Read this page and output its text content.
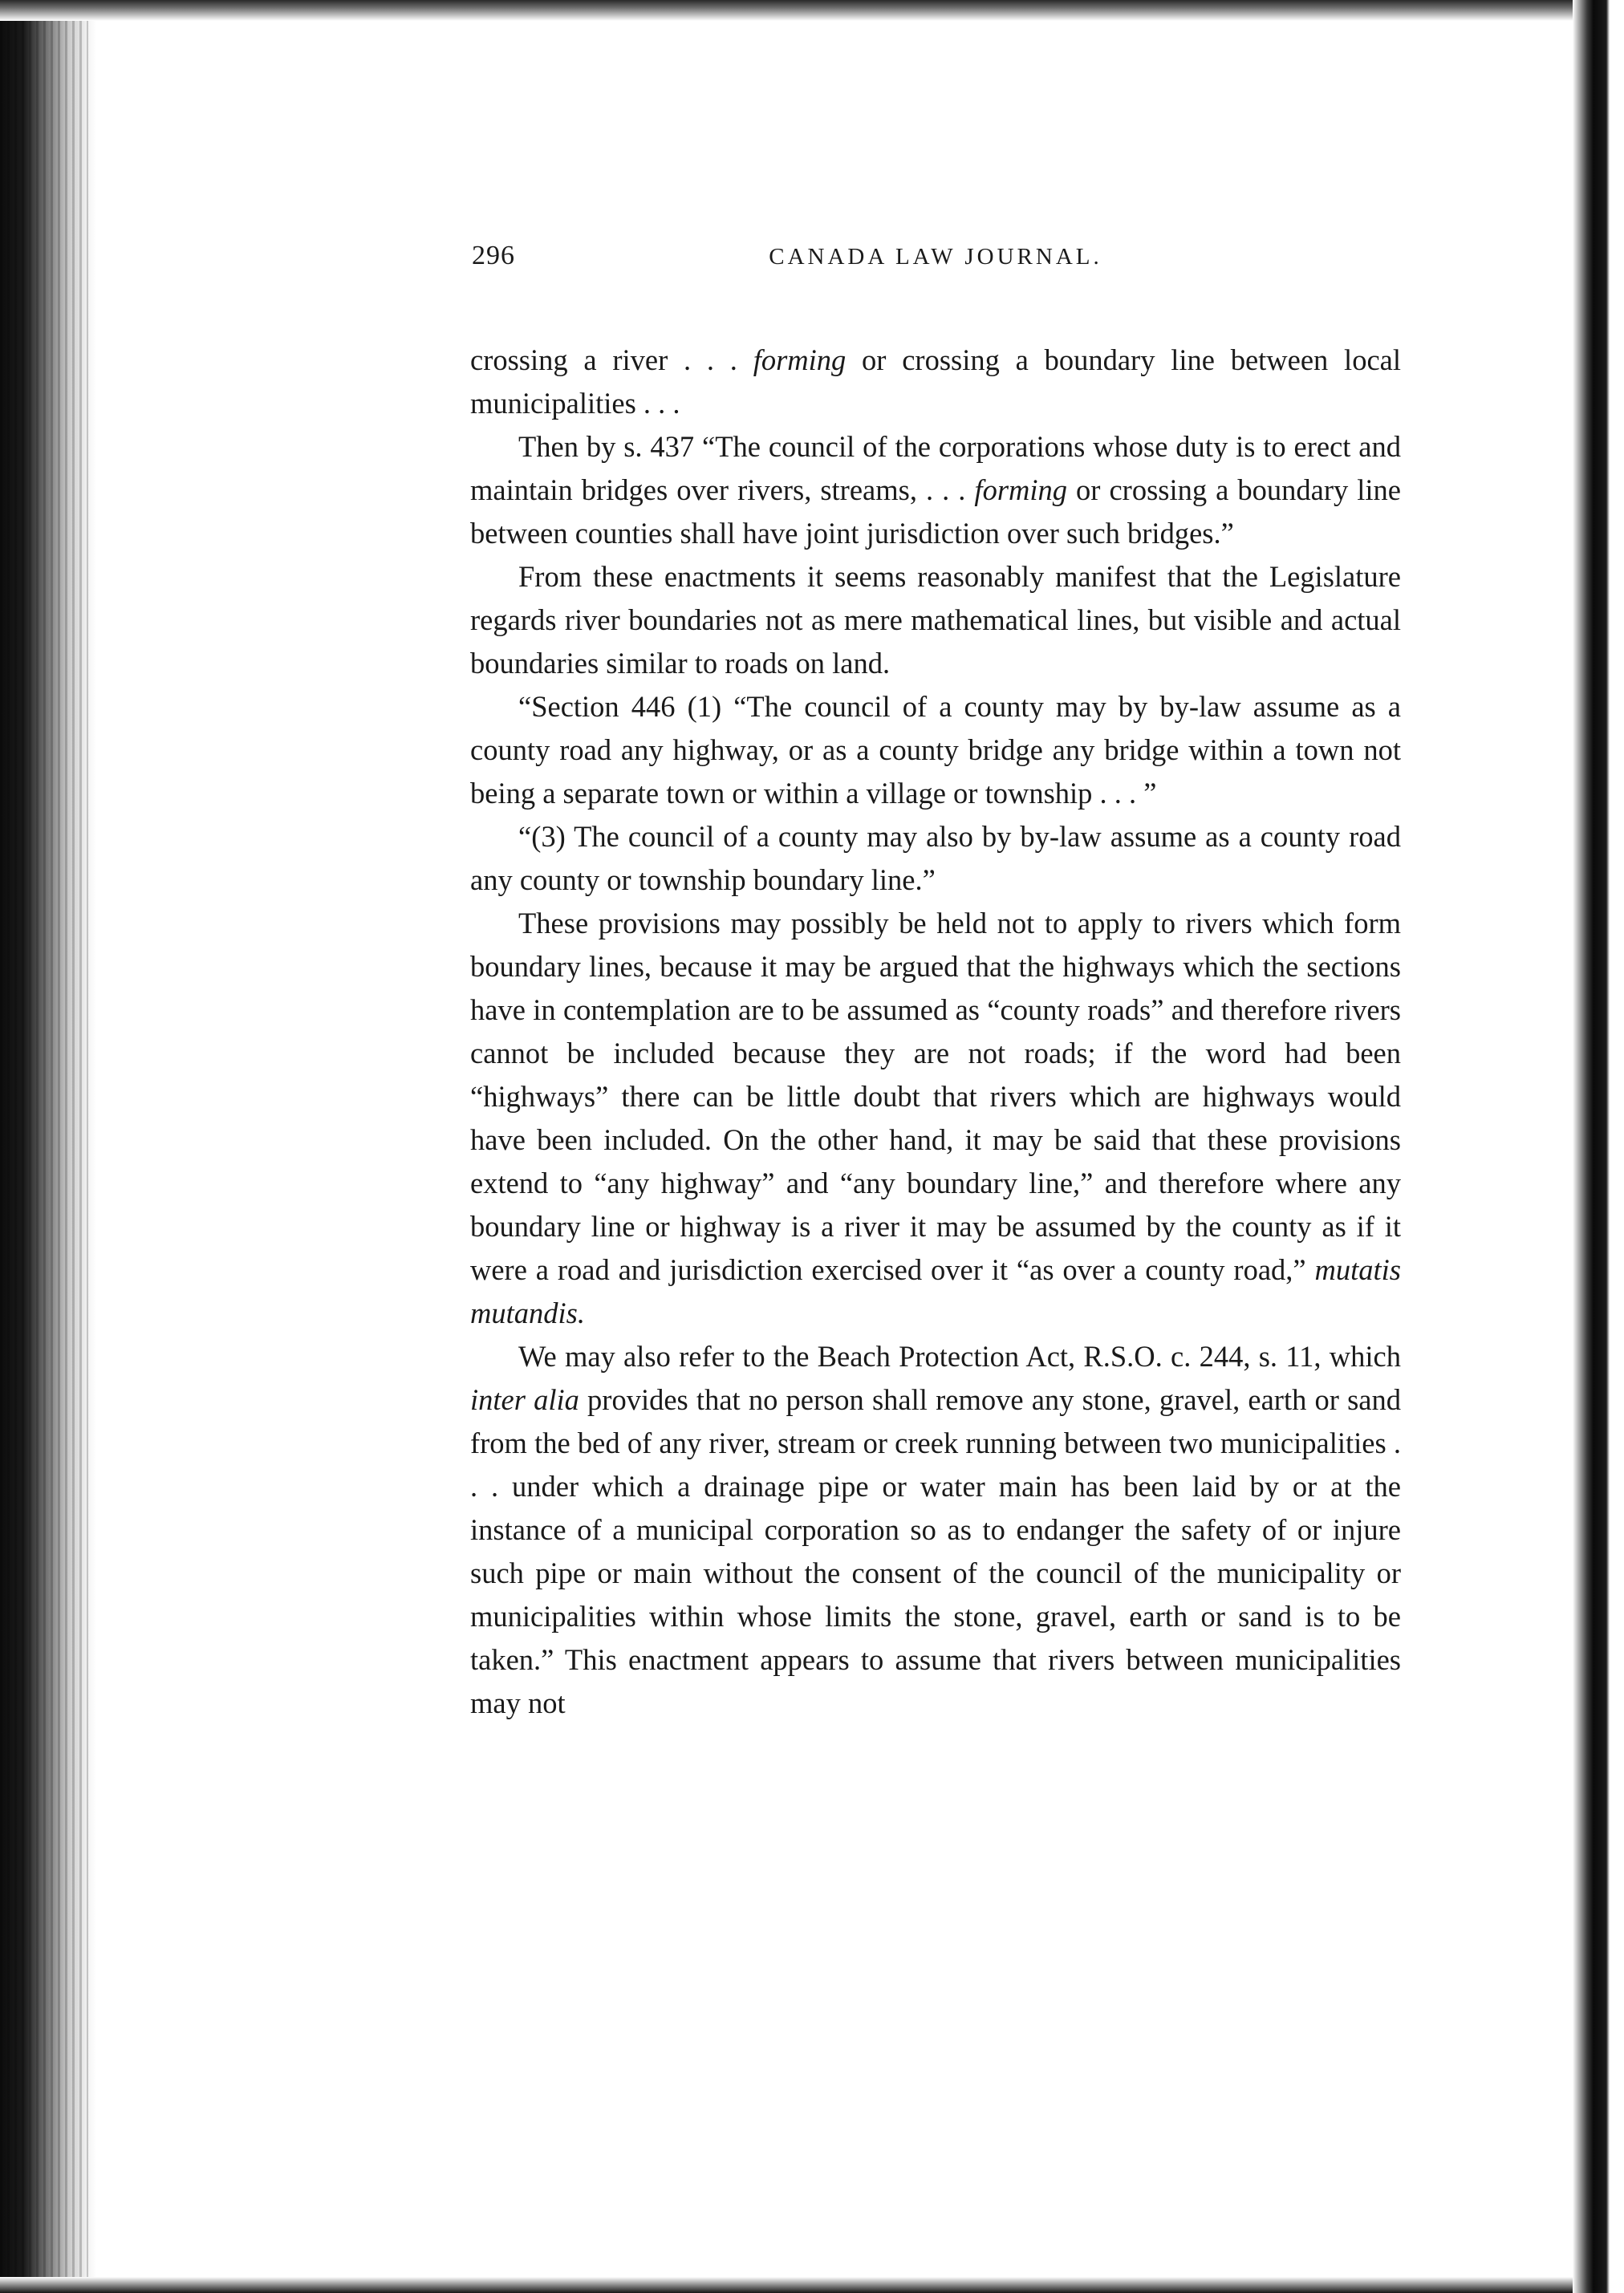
296	CANADA LAW JOURNAL.

crossing a river . . . forming or crossing a boundary line between local municipalities . . .

Then by s. 437 “The council of the corporations whose duty is to erect and maintain bridges over rivers, streams, . . . forming or crossing a boundary line between counties shall have joint jurisdiction over such bridges.”

From these enactments it seems reasonably manifest that the Legislature regards river boundaries not as mere mathematical lines, but visible and actual boundaries similar to roads on land.

“Section 446 (1) “The council of a county may by by-law assume as a county road any highway, or as a county bridge any bridge within a town not being a separate town or within a village or township . . . ”

“(3) The council of a county may also by by-law assume as a county road any county or township boundary line.”

These provisions may possibly be held not to apply to rivers which form boundary lines, because it may be argued that the highways which the sections have in contemplation are to be assumed as “county roads” and therefore rivers cannot be included because they are not roads; if the word had been “highways” there can be little doubt that rivers which are highways would have been included. On the other hand, it may be said that these provisions extend to “any highway” and “any boundary line,” and therefore where any boundary line or highway is a river it may be assumed by the county as if it were a road and jurisdiction exercised over it “as over a county road,” mutatis mutandis.

We may also refer to the Beach Protection Act, R.S.O. c. 244, s. 11, which inter alia provides that no person shall remove any stone, gravel, earth or sand from the bed of any river, stream or creek running between two municipalities . . . under which a drainage pipe or water main has been laid by or at the instance of a municipal corporation so as to endanger the safety of or injure such pipe or main without the consent of the council of the municipality or municipalities within whose limits the stone, gravel, earth or sand is to be taken.” This enactment appears to assume that rivers between municipalities may not
